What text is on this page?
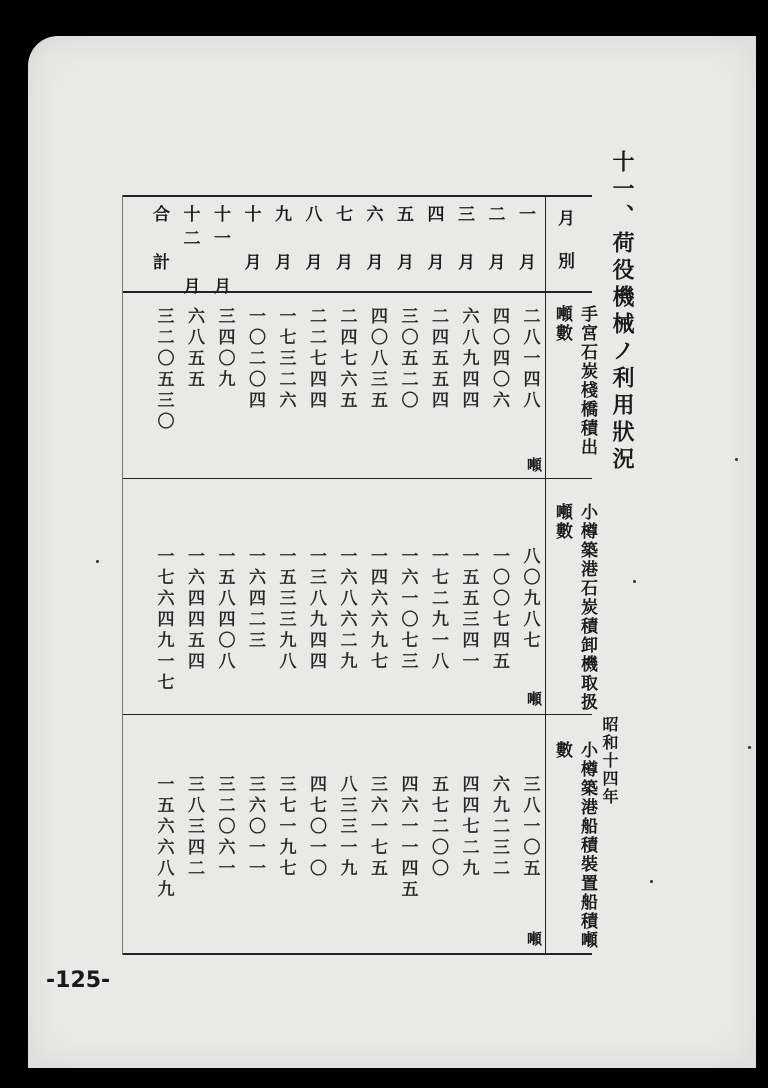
十一、荷役機械ノ利用狀況
昭和十四年
一

月
二

月
三

月
四

月
五

月
六

月
七

月
八

月
九

月
十

月
十
一

月
十
二

月
合

計	月別
手宮石炭棧橋積出噸數
小樽築港石炭積卸機取扱噸數
小樽築港船積裝置船積噸數
噸
噸
噸
二八一四八
八〇九八七
三八一〇五
四〇四〇六
一〇〇七四五
六九二三二
六八九四四
一五五三四一
四四七二九
二四五五四
一七二九一八
五七二〇〇
三〇五二〇
一六一〇七三
四六一一四五
四〇八三五
一四六六九七
三六一七五
二四七六五
一六八六二九
八三三一九
二二七四四
一三八九四四
四七〇一〇
一七三二六
一五三三九八
三七一九七
一〇二〇四
一六四二三
三六〇一一
三四〇九
一五八四〇八
三二〇六一
六八五五
一六四四五四
三八三四二
三二〇五三〇
一七六四九一七
一五六六八九
-125-
